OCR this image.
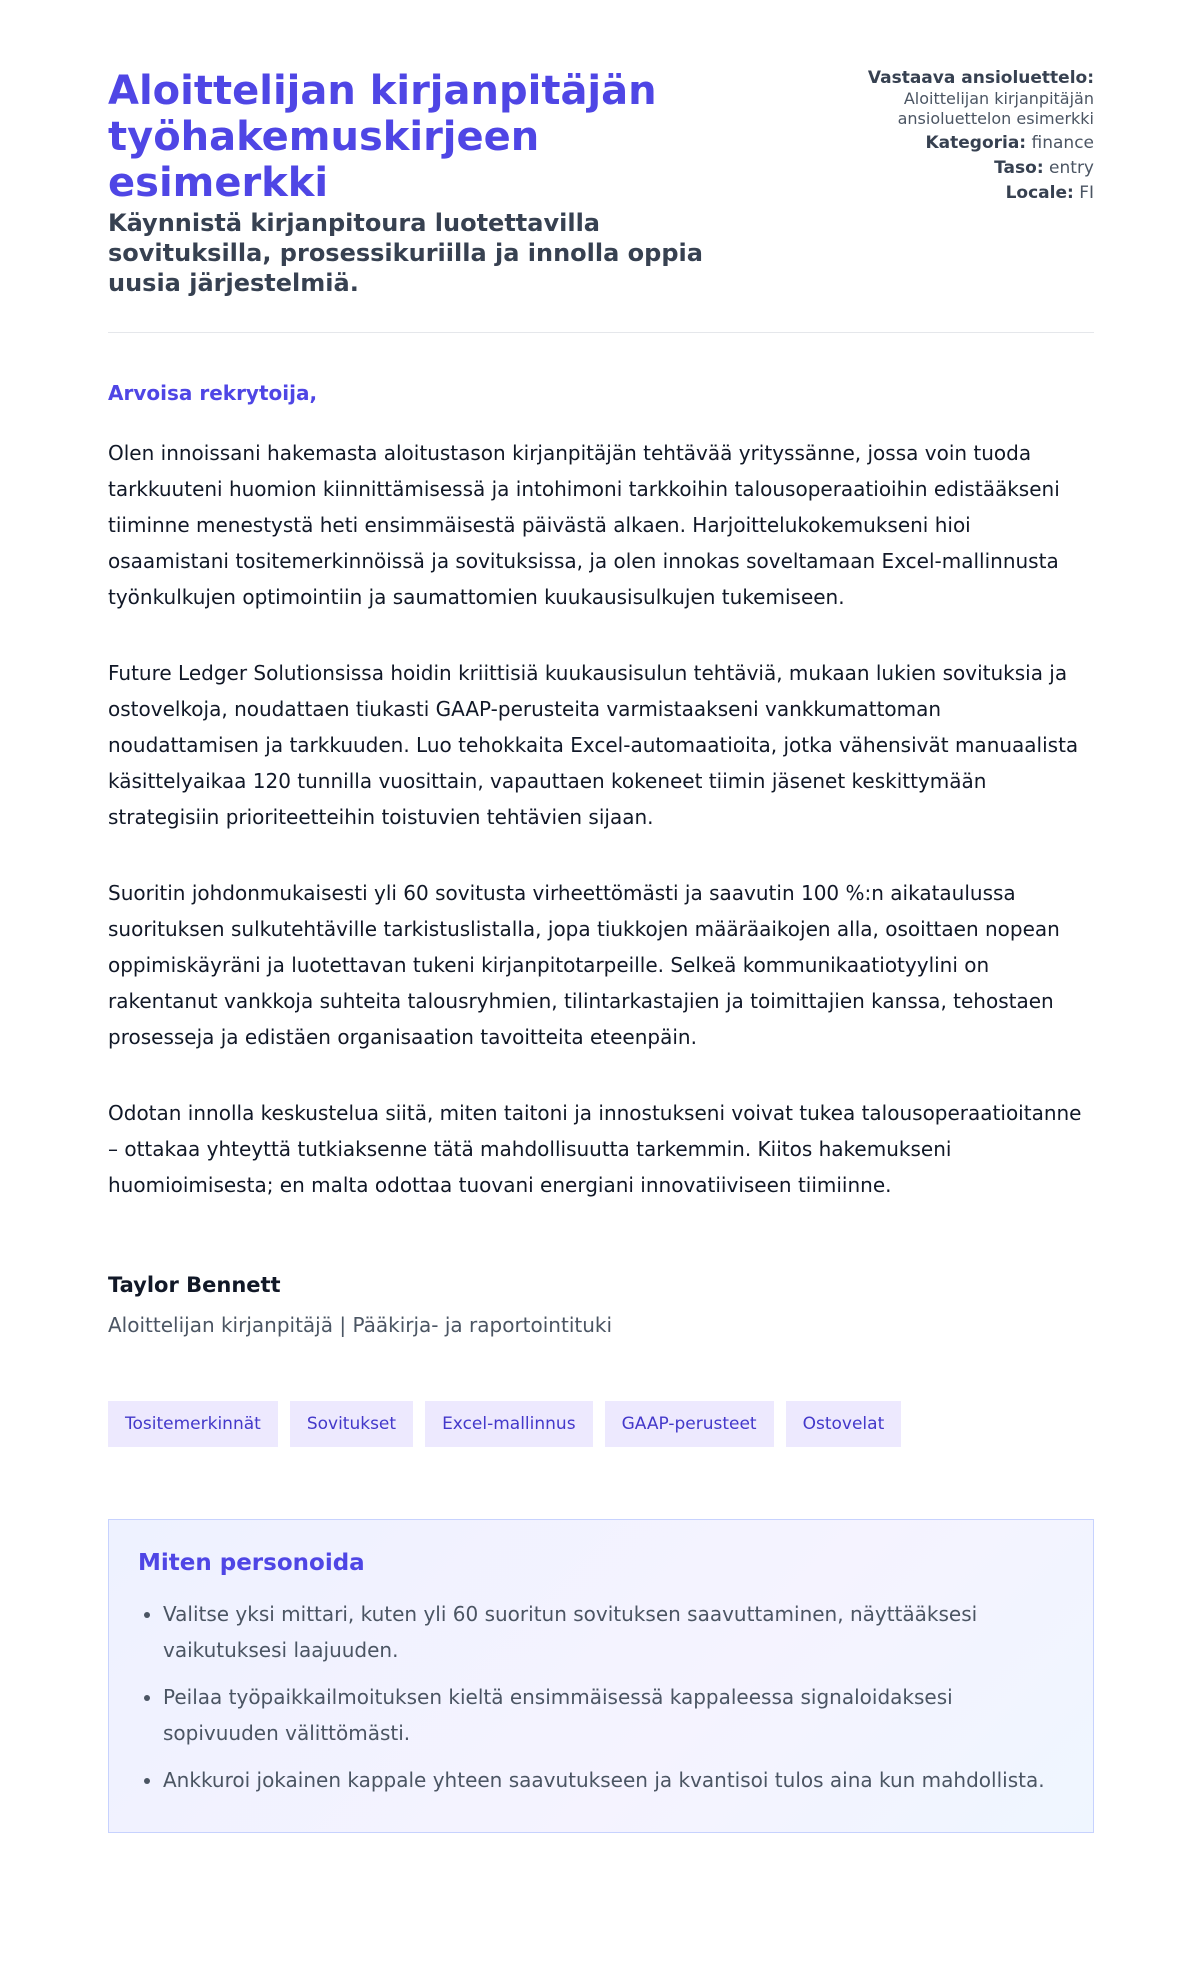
Aloittelijan kirjanpitäjän työhakemuskirjeen esimerkki

Käynnistä kirjanpitoura luotettavilla sovituksilla, prosessikuriilla ja innolla oppia uusia järjestelmiä.

Vastaava ansioluettelo:
Aloittelijan kirjanpitäjän ansioluettelon esimerkki
Kategoria: finance
Taso: entry
Locale: FI

Arvoisa rekrytoija,

Olen innoissani hakemasta aloitustason kirjanpitäjän tehtävää yrityssänne, jossa voin tuoda tarkkuuteni huomion kiinnittämisessä ja intohimoni tarkkoihin talousoperaatioihin edistääkseni tiiminne menestystä heti ensimmäisestä päivästä alkaen. Harjoittelukokemukseni hioi osaamistani tositemerkinnöissä ja sovituksissa, ja olen innokas soveltamaan Excel-mallinnusta työnkulkujen optimointiin ja saumattomien kuukausisulkujen tukemiseen.

Future Ledger Solutionsissa hoidin kriittisiä kuukausisulun tehtäviä, mukaan lukien sovituksia ja ostovelkoja, noudattaen tiukasti GAAP-perusteita varmistaakseni vankkumattoman noudattamisen ja tarkkuuden. Luo tehokkaita Excel-automaatioita, jotka vähensivät manuaalista käsittelyaikaa 120 tunnilla vuosittain, vapauttaen kokeneet tiimin jäsenet keskittymään strategisiin prioriteetteihin toistuvien tehtävien sijaan.

Suoritin johdonmukaisesti yli 60 sovitusta virheettömästi ja saavutin 100 %:n aikataulussa suorituksen sulkutehtäville tarkistuslistalla, jopa tiukkojen määräaikojen alla, osoittaen nopean oppimiskäyräni ja luotettavan tukeni kirjanpitotarpeille. Selkeä kommunikaatiotyylini on rakentanut vankkoja suhteita talousryhmien, tilintarkastajien ja toimittajien kanssa, tehostaen prosesseja ja edistäen organisaation tavoitteita eteenpäin.

Odotan innolla keskustelua siitä, miten taitoni ja innostukseni voivat tukea talousoperaatioitanne – ottakaa yhteyttä tutkiaksenne tätä mahdollisuutta tarkemmin. Kiitos hakemukseni huomioimisesta; en malta odottaa tuovani energiani innovatiiviseen tiimiinne.

Taylor Bennett
Aloittelijan kirjanpitäjä | Pääkirja- ja raportointituki
Tositemerkinnät	Sovitukset	Excel-mallinnus	GAAP-perusteet	Ostovelat
Miten personoida
• Valitse yksi mittari, kuten yli 60 suoritun sovituksen saavuttaminen, näyttääksesi vaikutuksesi laajuuden.
• Peilaa työpaikkailmoituksen kieltä ensimmäisessä kappaleessa signaloidaksesi sopivuuden välittömästi.
• Ankkuroi jokainen kappale yhteen saavutukseen ja kvantisoi tulos aina kun mahdollista.
